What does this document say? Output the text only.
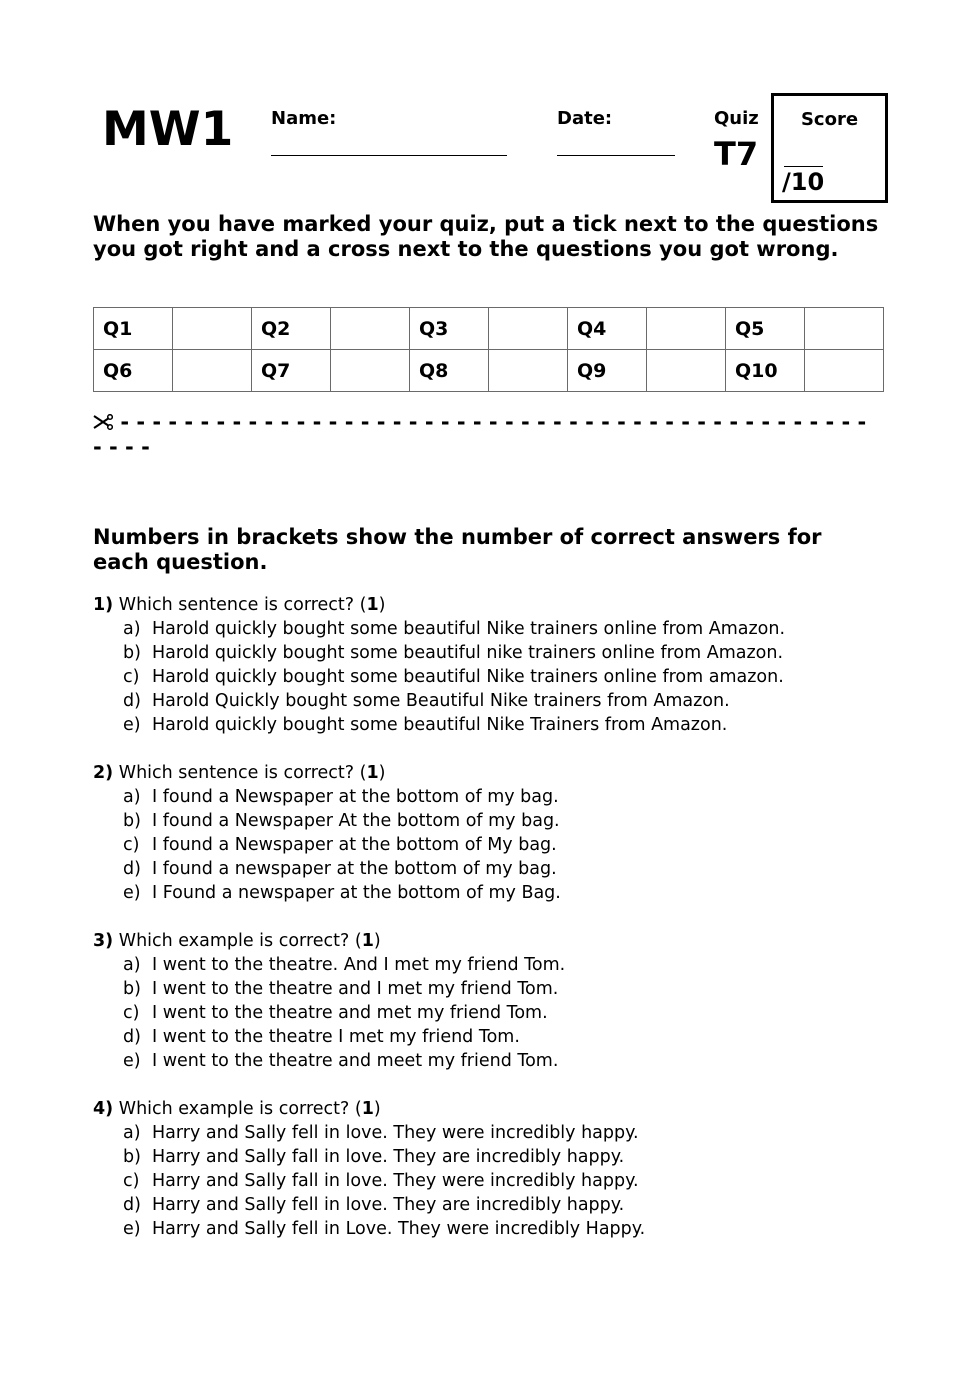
MW1 Name:	Date:	Quiz
T7
Score
/10
When you have marked your quiz, put a tick next to the questions you got right and a cross next to the questions you got wrong.
Q1		Q2		Q3		Q4		Q5	
Q6		Q7		Q8		Q9		Q10	
- - - - - - - - - - - - - - - - - - - - - - - - - - - - - - - - - - - - - - - - - - - - - - -
- - - -
Numbers in brackets show the number of correct answers for each question.
1) Which sentence is correct? (1)
a) Harold quickly bought some beautiful Nike trainers online from Amazon.
b) Harold quickly bought some beautiful nike trainers online from Amazon.
c) Harold quickly bought some beautiful Nike trainers online from amazon.
d) Harold Quickly bought some Beautiful Nike trainers from Amazon.
e) Harold quickly bought some beautiful Nike Trainers from Amazon.
2) Which sentence is correct? (1)
a) I found a Newspaper at the bottom of my bag.
b) I found a Newspaper At the bottom of my bag.
c) I found a Newspaper at the bottom of My bag.
d) I found a newspaper at the bottom of my bag.
e) I Found a newspaper at the bottom of my Bag.
3) Which example is correct? (1)
a) I went to the theatre. And I met my friend Tom.
b) I went to the theatre and I met my friend Tom.
c) I went to the theatre and met my friend Tom.
d) I went to the theatre I met my friend Tom.
e) I went to the theatre and meet my friend Tom.
4) Which example is correct? (1)
a) Harry and Sally fell in love. They were incredibly happy.
b) Harry and Sally fall in love. They are incredibly happy.
c) Harry and Sally fall in love. They were incredibly happy.
d) Harry and Sally fell in love. They are incredibly happy.
e) Harry and Sally fell in Love. They were incredibly Happy.
